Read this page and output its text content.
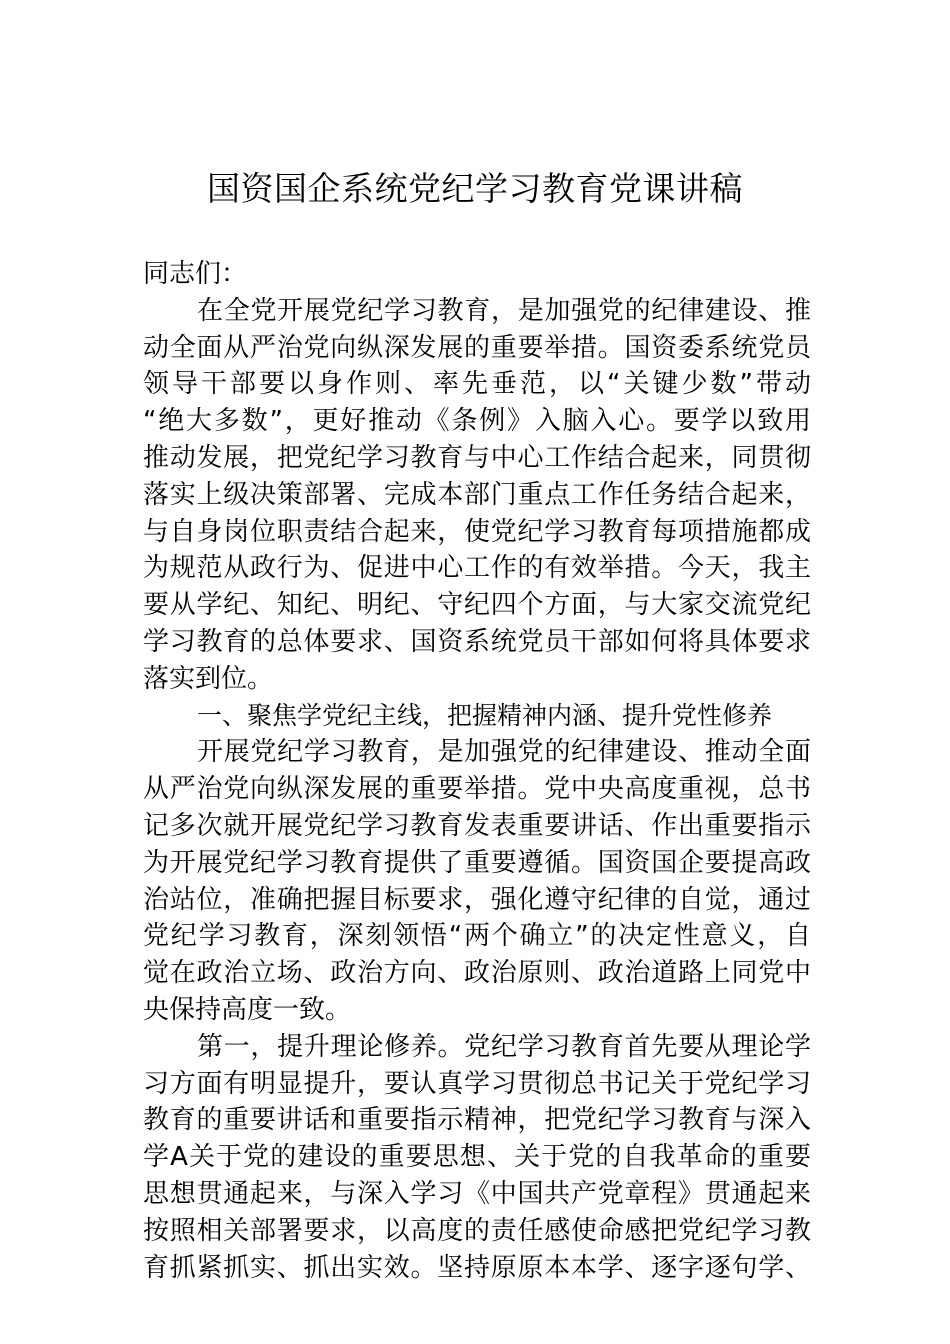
国资国企系统党纪学习教育党课讲稿
同志们：
在全党开展党纪学习教育，是加强党的纪律建设、推
动全面从严治党向纵深发展的重要举措。国资委系统党员
领导干部要以身作则、率先垂范，以“关键少数”带动
“绝大多数”，更好推动《条例》入脑入心。要学以致用
推动发展，把党纪学习教育与中心工作结合起来，同贯彻
落实上级决策部署、完成本部门重点工作任务结合起来，
与自身岗位职责结合起来，使党纪学习教育每项措施都成
为规范从政行为、促进中心工作的有效举措。今天，我主
要从学纪、知纪、明纪、守纪四个方面，与大家交流党纪
学习教育的总体要求、国资系统党员干部如何将具体要求
落实到位。
一、聚焦学党纪主线，把握精神内涵、提升党性修养
开展党纪学习教育，是加强党的纪律建设、推动全面
从严治党向纵深发展的重要举措。党中央高度重视，总书
记多次就开展党纪学习教育发表重要讲话、作出重要指示
为开展党纪学习教育提供了重要遵循。国资国企要提高政
治站位，准确把握目标要求，强化遵守纪律的自觉，通过
党纪学习教育，深刻领悟“两个确立”的决定性意义，自
觉在政治立场、政治方向、政治原则、政治道路上同党中
央保持高度一致。
第一，提升理论修养。党纪学习教育首先要从理论学
习方面有明显提升，要认真学习贯彻总书记关于党纪学习
教育的重要讲话和重要指示精神，把党纪学习教育与深入
学A关于党的建设的重要思想、关于党的自我革命的重要
思想贯通起来，与深入学习《中国共产党章程》贯通起来
按照相关部署要求，以高度的责任感使命感把党纪学习教
育抓紧抓实、抓出实效。坚持原原本本学、逐字逐句学、
